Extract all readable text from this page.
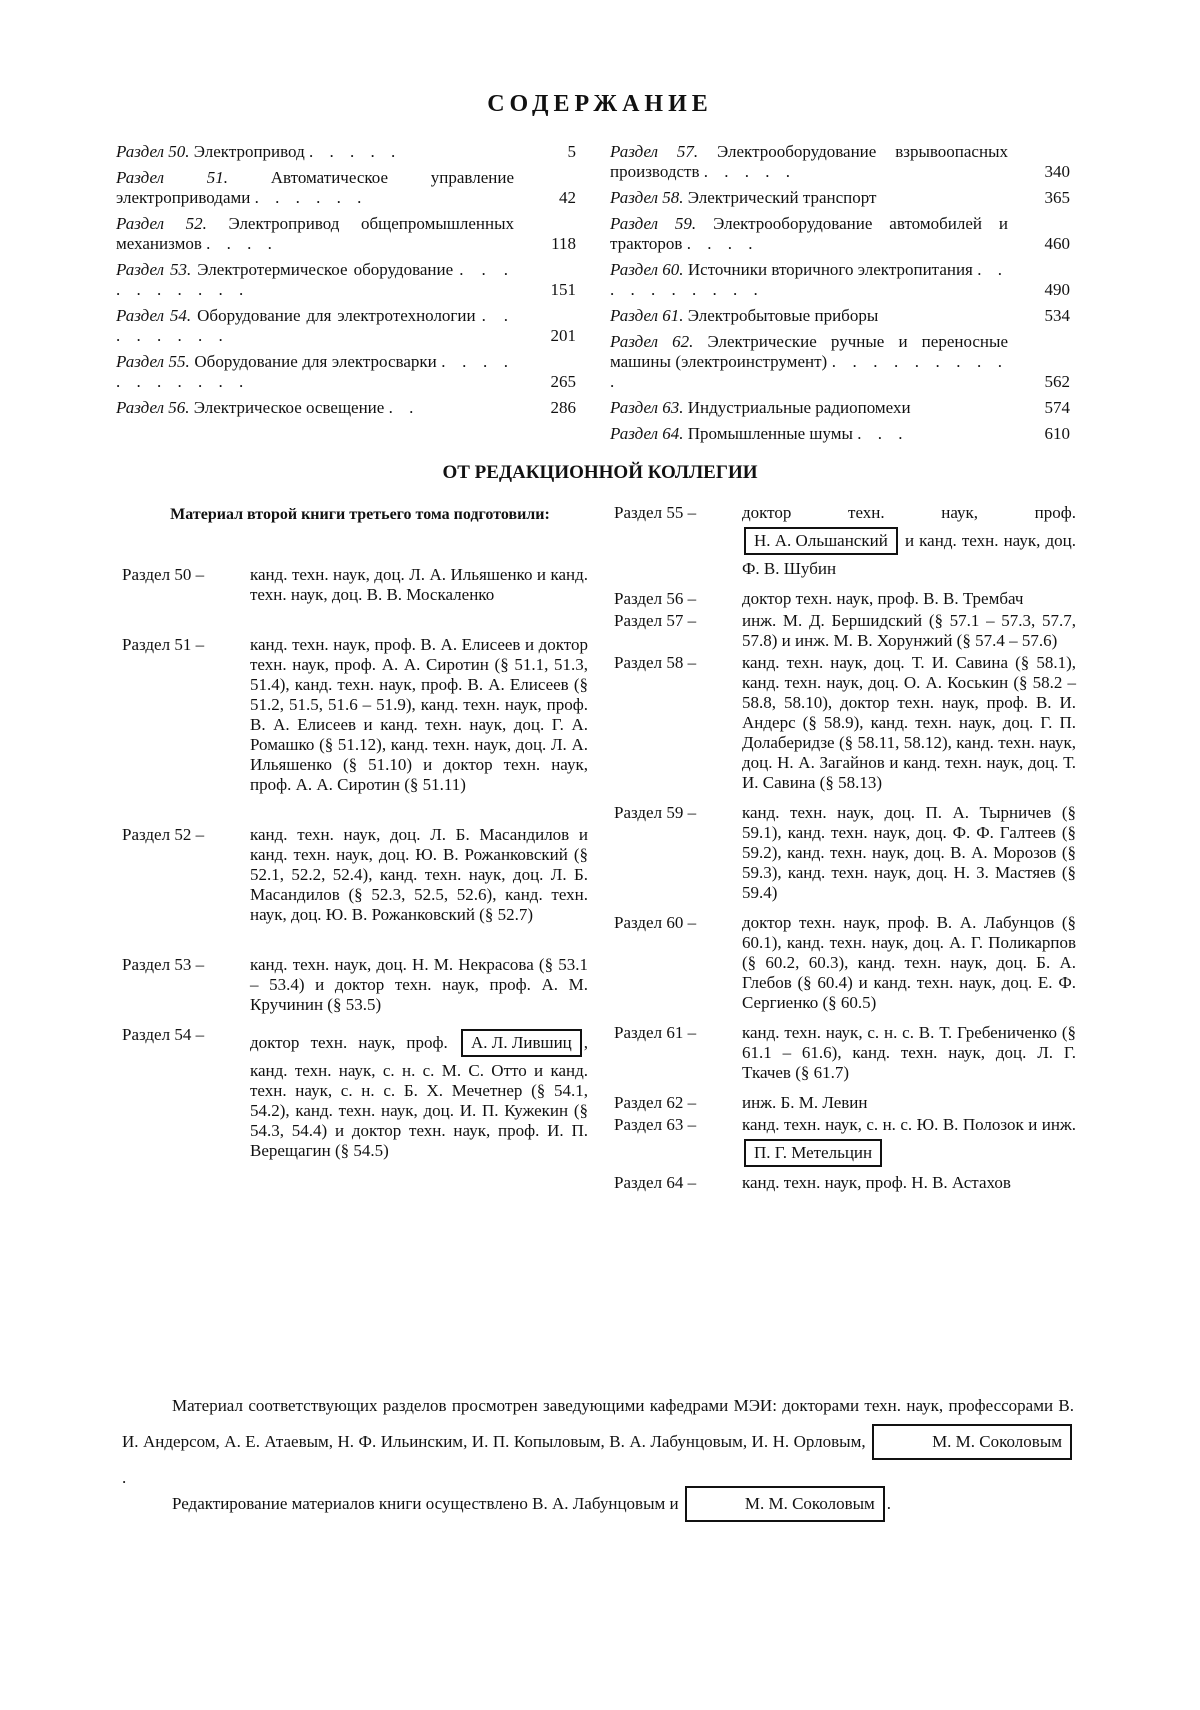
СОДЕРЖАНИЕ
Раздел 50. Электропривод . . . . .	5
Раздел 51.	Автоматическое управление электроприводами . . . . . .	42
Раздел 52. Электропривод общепромышленных механизмов . . . .	118
Раздел 53. Электротермическое оборудование . . . . . . . . . .	151
Раздел 54. Оборудование для электротехнологии . . . . . . . .	201
Раздел 55. Оборудование для электросварки . . . . . . . . . . .	265
Раздел 56. Электрическое освещение . .	286
Раздел 57. Электрооборудование взрывоопасных производств . . . . .	340
Раздел 58. Электрический транспорт	365
Раздел 59. Электрооборудование автомобилей и тракторов . . . .	460
Раздел 60. Источники вторичного электропитания . . . . . . . . . .	490
Раздел 61. Электробытовые приборы	534
Раздел 62. Электрические ручные и переносные машины (электроинструмент) . . . . . . . . . .	562
Раздел 63. Индустриальные радиопомехи	574
Раздел 64. Промышленные шумы . . .	610
ОТ РЕДАКЦИОННОЙ КОЛЛЕГИИ
Материал второй книги третьего тома подготовили:
Раздел 50 –	канд. техн. наук, доц. Л. А. Ильяшенко и канд. техн. наук, доц. В. В. Москаленко
Раздел 51 –	канд. техн. наук, проф. В. А. Елисеев и доктор техн. наук, проф. А. А. Сиротин (§ 51.1, 51.3, 51.4), канд. техн. наук, проф. В. А. Елисеев (§ 51.2, 51.5, 51.6 – 51.9), канд. техн. наук, проф. В. А. Елисеев и канд. техн. наук, доц. Г. А. Ромашко (§ 51.12), канд. техн. наук, доц. Л. А. Ильяшенко (§ 51.10) и доктор техн. наук, проф. А. А. Сиротин (§ 51.11)
Раздел 52 –	канд. техн. наук, доц. Л. Б. Масандилов и канд. техн. наук, доц. Ю. В. Рожанковский (§ 52.1, 52.2, 52.4), канд. техн. наук, доц. Л. Б. Масандилов (§ 52.3, 52.5, 52.6), канд. техн. наук, доц. Ю. В. Рожанковский (§ 52.7)
Раздел 53 –	канд. техн. наук, доц. Н. М. Некрасова (§ 53.1 – 53.4) и доктор техн. наук, проф. А. М. Кручинин (§ 53.5)
Раздел 54 –	доктор техн. наук, проф. А. Л. Лившиц , канд. техн. наук, с. н. с. М. С. Отто и канд. техн. наук, с. н. с. Б. Х. Мечетнер (§ 54.1, 54.2), канд. техн. наук, доц. И. П. Кужекин (§ 54.3, 54.4) и доктор техн. наук, проф. И. П. Верещагин (§ 54.5)
Раздел 55 –	доктор техн. наук, проф. Н. А. Ольшанский и канд. техн. наук, доц. Ф. В. Шубин
Раздел 56 –	доктор техн. наук, проф. В. В. Трембач
Раздел 57 –	инж. М. Д. Бершидский (§ 57.1 – 57.3, 57.7, 57.8) и инж. М. В. Хорунжий (§ 57.4 – 57.6)
Раздел 58 –	канд. техн. наук, доц. Т. И. Савина (§ 58.1), канд. техн. наук, доц. О. А. Коськин (§ 58.2 – 58.8, 58.10), доктор техн. наук, проф. В. И. Андерс (§ 58.9), канд. техн. наук, доц. Г. П. Долаберидзе (§ 58.11, 58.12), канд. техн. наук, доц. Н. А. Загайнов и канд. техн. наук, доц. Т. И. Савина (§ 58.13)
Раздел 59 –	канд. техн. наук, доц. П. А. Тырничев (§ 59.1), канд. техн. наук, доц. Ф. Ф. Галтеев (§ 59.2), канд. техн. наук, доц. В. А. Морозов (§ 59.3), канд. техн. наук, доц. Н. З. Мастяев (§ 59.4)
Раздел 60 –	доктор техн. наук, проф. В. А. Лабунцов (§ 60.1), канд. техн. наук, доц. А. Г. Поликарпов (§ 60.2, 60.3), канд. техн. наук, доц. Б. А. Глебов (§ 60.4) и канд. техн. наук, доц. Е. Ф. Сергиенко (§ 60.5)
Раздел 61 –	канд. техн. наук, с. н. с. В. Т. Гребениченко (§ 61.1 – 61.6), канд. техн. наук, доц. Л. Г. Ткачев (§ 61.7)
Раздел 62 –	инж. Б. М. Левин
Раздел 63 –	канд. техн. наук, с. н. с. Ю. В. Полозок и инж. П. Г. Метельцин
Раздел 64 –	канд. техн. наук, проф. Н. В. Астахов

Материал соответствующих разделов просмотрен заведующими кафедрами МЭИ: докторами техн. наук, профессорами В. И. Андерсом, А. Е. Атаевым, Н. Ф. Ильинским, И. П. Копыловым, В. А. Лабунцовым, И. Н. Орловым,	М. М. Соколовым.

Редактирование материалов книги осуществлено В. А. Лабунцовым и	М. М. Соколовым .
